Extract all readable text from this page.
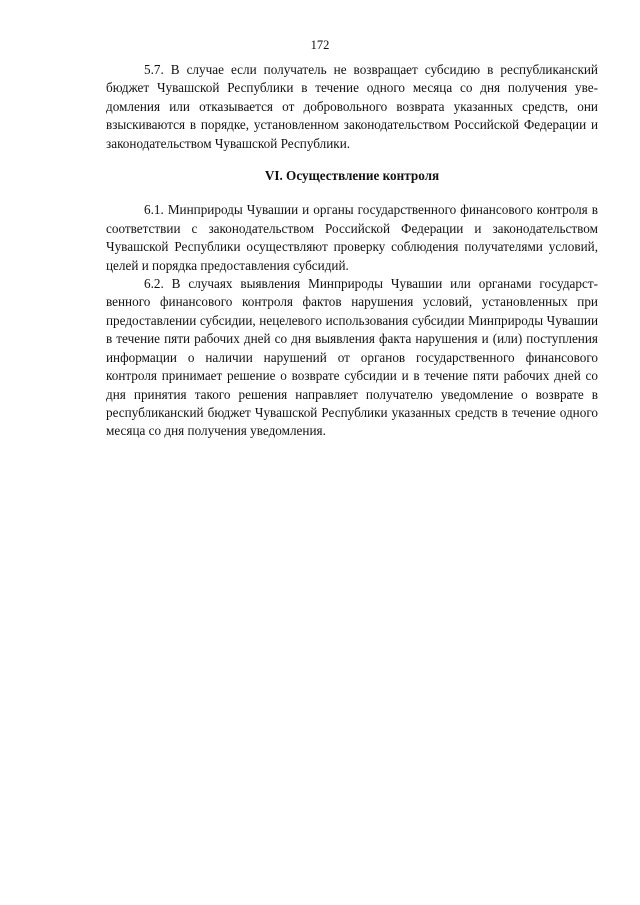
172

5.7. В случае если получатель не возвращает субсидию в республиканский бюджет Чувашской Республики в течение одного месяца со дня получения уведомления или отказывается от добровольного возврата указанных средств, они взыскиваются в порядке, установленном законодательством Российской Федерации и законодательством Чувашской Республики.

VI. Осуществление контроля

6.1. Минприроды Чувашии и органы государственного финансового контроля в соответствии с законодательством Российской Федерации и законодательством Чувашской Республики осуществляют проверку соблюдения получателями условий, целей и порядка предоставления субсидий.

6.2. В случаях выявления Минприроды Чувашии или органами государственного финансового контроля фактов нарушения условий, установленных при предоставлении субсидии, нецелевого использования субсидии Минприроды Чувашии в течение пяти рабочих дней со дня выявления факта нарушения и (или) поступления информации о наличии нарушений от органов государственного финансового контроля принимает решение о возврате субсидии и в течение пяти рабочих дней со дня принятия такого решения направляет получателю уведомление о возврате в республиканский бюджет Чувашской Республики указанных средств в течение одного месяца со дня получения уведомления.
